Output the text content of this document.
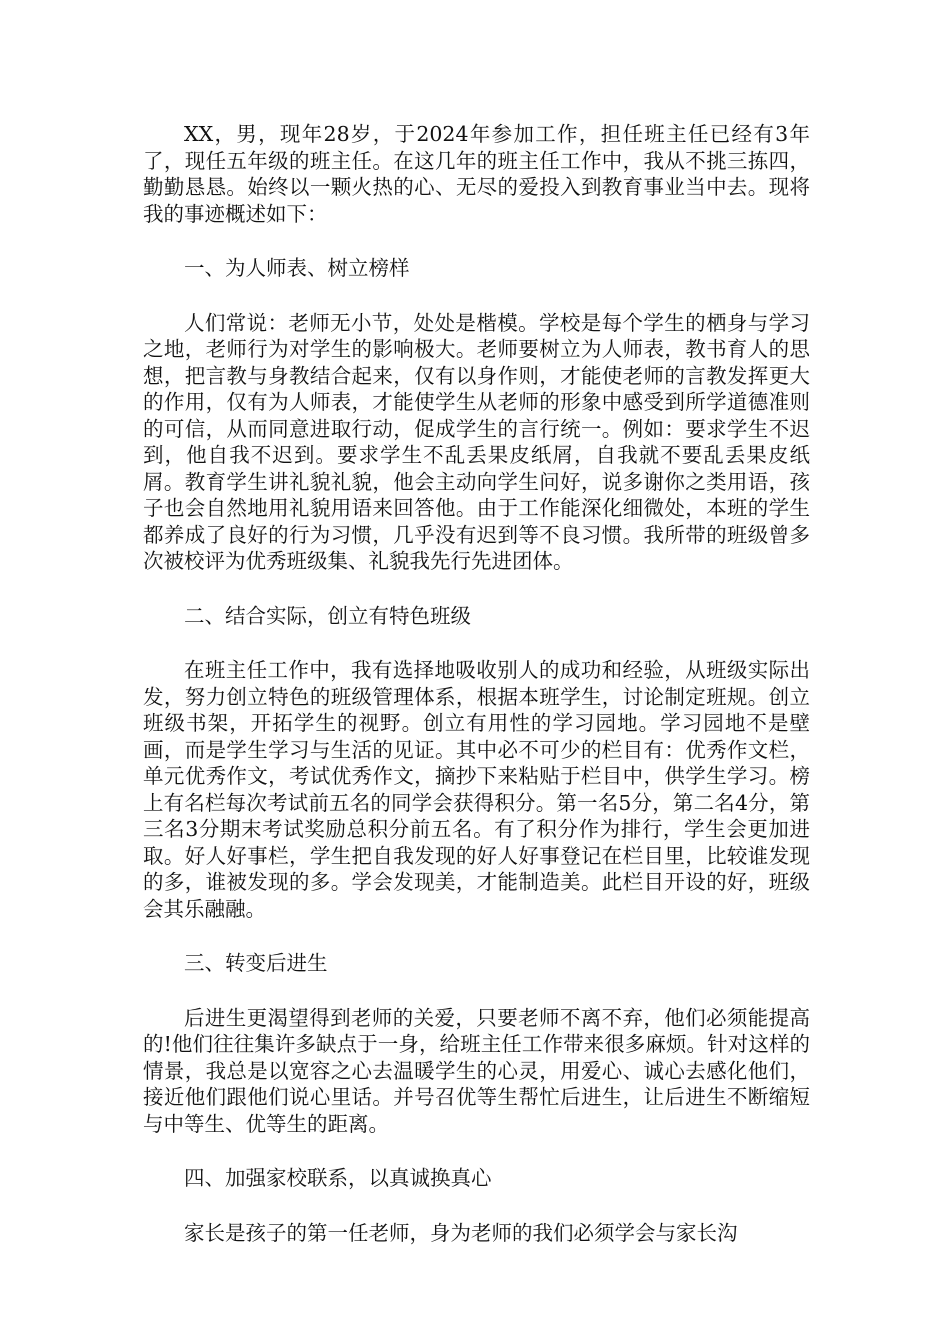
XX，男，现年28岁，于2024年参加工作，担任班主任已经有3年了，现任五年级的班主任。在这几年的班主任工作中，我从不挑三拣四，勤勤恳恳。始终以一颗火热的心、无尽的爱投入到教育事业当中去。现将我的事迹概述如下：

一、为人师表、树立榜样

人们常说：老师无小节，处处是楷模。学校是每个学生的栖身与学习之地，老师行为对学生的影响极大。老师要树立为人师表，教书育人的思想，把言教与身教结合起来，仅有以身作则，才能使老师的言教发挥更大的作用，仅有为人师表，才能使学生从老师的形象中感受到所学道德准则的可信，从而同意进取行动，促成学生的言行统一。例如：要求学生不迟到，他自我不迟到。要求学生不乱丢果皮纸屑，自我就不要乱丢果皮纸屑。教育学生讲礼貌礼貌，他会主动向学生问好，说多谢你之类用语，孩子也会自然地用礼貌用语来回答他。由于工作能深化细微处，本班的学生都养成了良好的行为习惯，几乎没有迟到等不良习惯。我所带的班级曾多次被校评为优秀班级集、礼貌我先行先进团体。

二、结合实际，创立有特色班级

在班主任工作中，我有选择地吸收别人的成功和经验，从班级实际出发，努力创立特色的班级管理体系，根据本班学生，讨论制定班规。创立班级书架，开拓学生的视野。创立有用性的学习园地。学习园地不是壁画，而是学生学习与生活的见证。其中必不可少的栏目有：优秀作文栏，单元优秀作文，考试优秀作文，摘抄下来粘贴于栏目中，供学生学习。榜上有名栏每次考试前五名的同学会获得积分。第一名5分，第二名4分，第三名3分期末考试奖励总积分前五名。有了积分作为排行，学生会更加进取。好人好事栏，学生把自我发现的好人好事登记在栏目里，比较谁发现的多，谁被发现的多。学会发现美，才能制造美。此栏目开设的好，班级会其乐融融。

三、转变后进生

后进生更渴望得到老师的关爱，只要老师不离不弃，他们必须能提高的!他们往往集许多缺点于一身，给班主任工作带来很多麻烦。针对这样的情景，我总是以宽容之心去温暖学生的心灵，用爱心、诚心去感化他们，接近他们跟他们说心里话。并号召优等生帮忙后进生，让后进生不断缩短与中等生、优等生的距离。

四、加强家校联系，以真诚换真心

家长是孩子的第一任老师，身为老师的我们必须学会与家长沟
